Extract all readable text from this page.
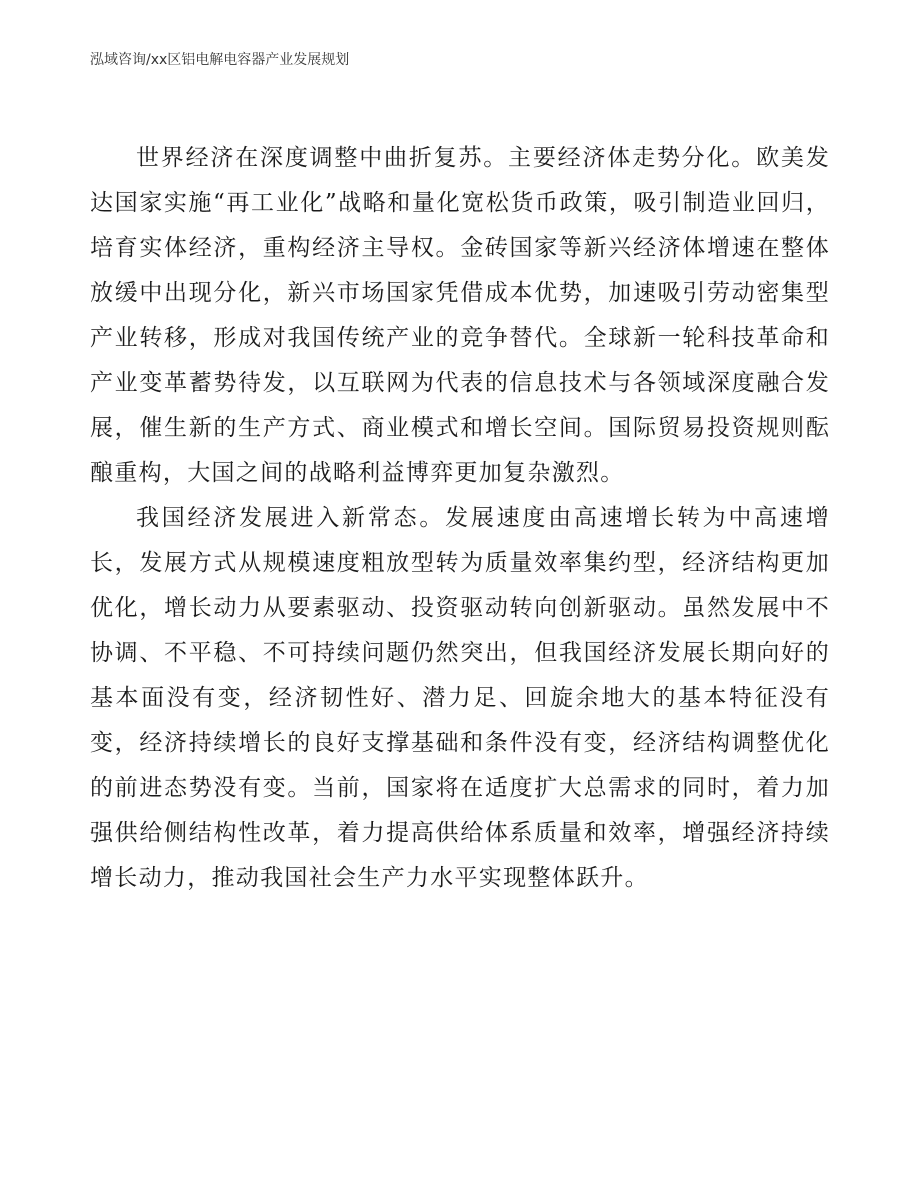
泓域咨询/xx区铝电解电容器产业发展规划

世界经济在深度调整中曲折复苏。主要经济体走势分化。欧美发达国家实施“再工业化”战略和量化宽松货币政策，吸引制造业回归，培育实体经济，重构经济主导权。金砖国家等新兴经济体增速在整体放缓中出现分化，新兴市场国家凭借成本优势，加速吸引劳动密集型产业转移，形成对我国传统产业的竞争替代。全球新一轮科技革命和产业变革蓄势待发，以互联网为代表的信息技术与各领域深度融合发展，催生新的生产方式、商业模式和增长空间。国际贸易投资规则酝酿重构，大国之间的战略利益博弈更加复杂激烈。

我国经济发展进入新常态。发展速度由高速增长转为中高速增长，发展方式从规模速度粗放型转为质量效率集约型，经济结构更加优化，增长动力从要素驱动、投资驱动转向创新驱动。虽然发展中不协调、不平稳、不可持续问题仍然突出，但我国经济发展长期向好的基本面没有变，经济韧性好、潜力足、回旋余地大的基本特征没有变，经济持续增长的良好支撑基础和条件没有变，经济结构调整优化的前进态势没有变。当前，国家将在适度扩大总需求的同时，着力加强供给侧结构性改革，着力提高供给体系质量和效率，增强经济持续增长动力，推动我国社会生产力水平实现整体跃升。
